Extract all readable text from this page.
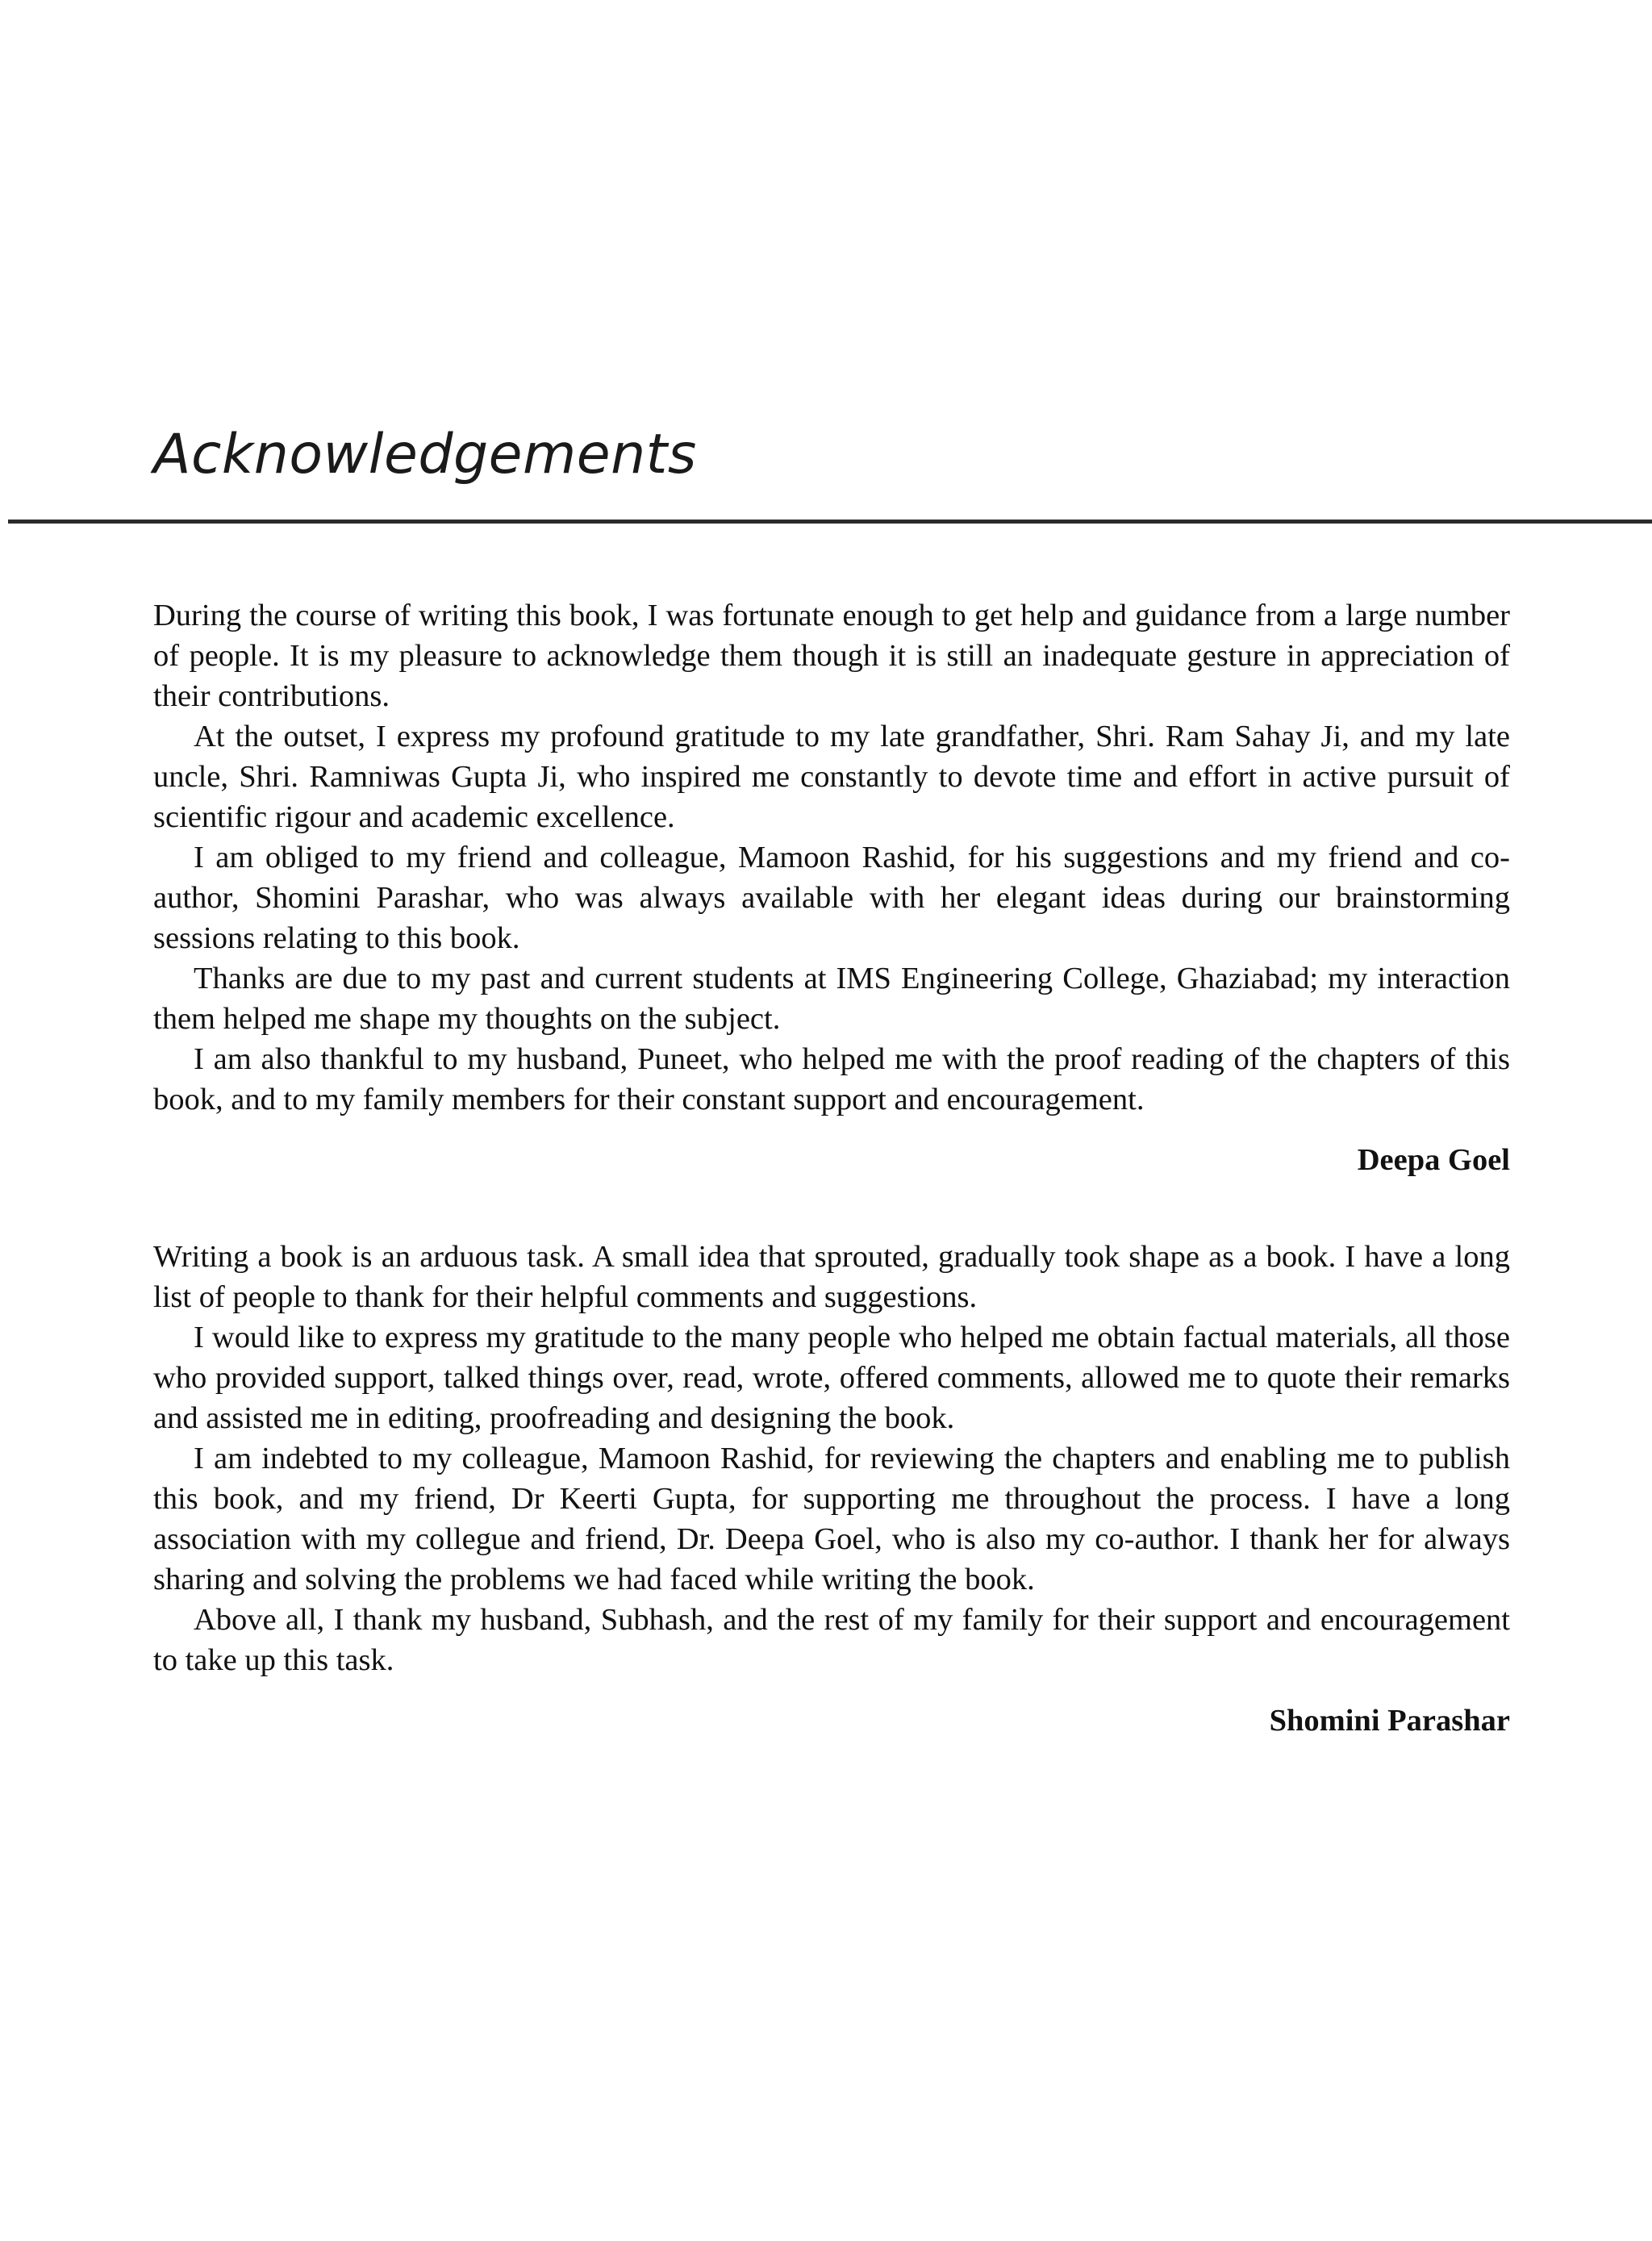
Acknowledgements

During the course of writing this book, I was fortunate enough to get help and guidance from a large number of people. It is my pleasure to acknowledge them though it is still an inadequate gesture in appreciation of their contributions.

At the outset, I express my profound gratitude to my late grandfather, Shri. Ram Sahay Ji, and my late uncle, Shri. Ramniwas Gupta Ji, who inspired me constantly to devote time and effort in active pursuit of scientific rigour and academic excellence.

I am obliged to my friend and colleague, Mamoon Rashid, for his suggestions and my friend and co-author, Shomini Parashar, who was always available with her elegant ideas during our brainstorming sessions relating to this book.

Thanks are due to my past and current students at IMS Engineering College, Ghaziabad; my interaction them helped me shape my thoughts on the subject.

I am also thankful to my husband, Puneet, who helped me with the proof reading of the chapters of this book, and to my family members for their constant support and encouragement.

Deepa Goel

Writing a book is an arduous task. A small idea that sprouted, gradually took shape as a book. I have a long list of people to thank for their helpful comments and suggestions.

I would like to express my gratitude to the many people who helped me obtain factual materials, all those who provided support, talked things over, read, wrote, offered comments, allowed me to quote their remarks and assisted me in editing, proofreading and designing the book.

I am indebted to my colleague, Mamoon Rashid, for reviewing the chapters and enabling me to publish this book, and my friend, Dr Keerti Gupta, for supporting me throughout the process. I have a long association with my collegue and friend, Dr. Deepa Goel, who is also my co-author. I thank her for always sharing and solving the problems we had faced while writing the book.

Above all, I thank my husband, Subhash, and the rest of my family for their support and encouragement to take up this task.

Shomini Parashar
